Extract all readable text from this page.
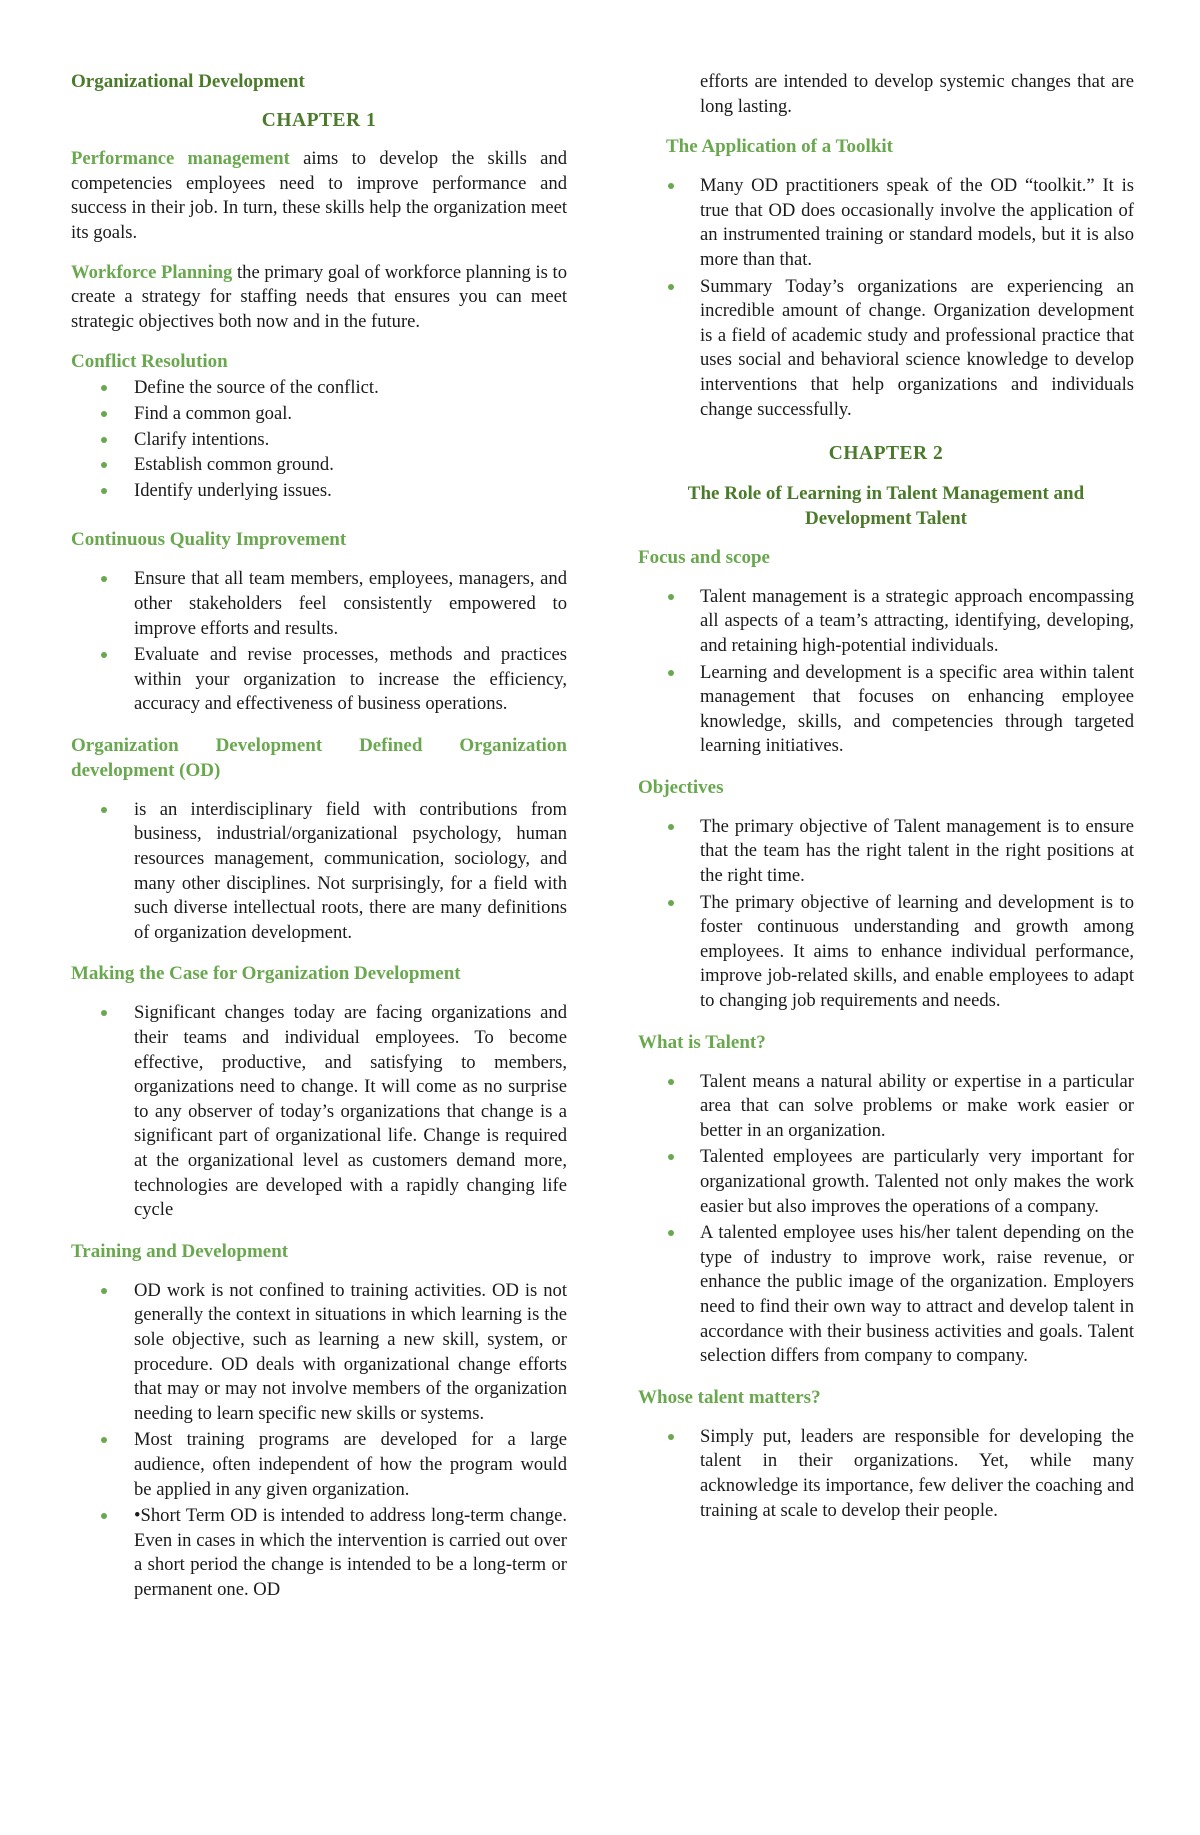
Organizational Development

CHAPTER 1

Performance management aims to develop the skills and competencies employees need to improve performance and success in their job. In turn, these skills help the organization meet its goals.

Workforce Planning the primary goal of workforce planning is to create a strategy for staffing needs that ensures you can meet strategic objectives both now and in the future.

Conflict Resolution
Define the source of the conflict.
Find a common goal.
Clarify intentions.
Establish common ground.
Identify underlying issues.
Continuous Quality Improvement
Ensure that all team members, employees, managers, and other stakeholders feel consistently empowered to improve efforts and results.
Evaluate and revise processes, methods and practices within your organization to increase the efficiency, accuracy and effectiveness of business operations.
Organization Development Defined Organization development (OD)
is an interdisciplinary field with contributions from business, industrial/organizational psychology, human resources management, communication, sociology, and many other disciplines. Not surprisingly, for a field with such diverse intellectual roots, there are many definitions of organization development.
Making the Case for Organization Development
Significant changes today are facing organizations and their teams and individual employees. To become effective, productive, and satisfying to members, organizations need to change. It will come as no surprise to any observer of today’s organizations that change is a significant part of organizational life. Change is required at the organizational level as customers demand more, technologies are developed with a rapidly changing life cycle
Training and Development
OD work is not confined to training activities. OD is not generally the context in situations in which learning is the sole objective, such as learning a new skill, system, or procedure. OD deals with organizational change efforts that may or may not involve members of the organization needing to learn specific new skills or systems.
Most training programs are developed for a large audience, often independent of how the program would be applied in any given organization.
•Short Term OD is intended to address long-term change. Even in cases in which the intervention is carried out over a short period the change is intended to be a long-term or permanent one. OD

efforts are intended to develop systemic changes that are long lasting.

The Application of a Toolkit
Many OD practitioners speak of the OD “toolkit.” It is true that OD does occasionally involve the application of an instrumented training or standard models, but it is also more than that.
Summary Today’s organizations are experiencing an incredible amount of change. Organization development is a field of academic study and professional practice that uses social and behavioral science knowledge to develop interventions that help organizations and individuals change successfully.

CHAPTER 2

The Role of Learning in Talent Management and Development Talent

Focus and scope
Talent management is a strategic approach encompassing all aspects of a team’s attracting, identifying, developing, and retaining high-potential individuals.
Learning and development is a specific area within talent management that focuses on enhancing employee knowledge, skills, and competencies through targeted learning initiatives.
Objectives
The primary objective of Talent management is to ensure that the team has the right talent in the right positions at the right time.
The primary objective of learning and development is to foster continuous understanding and growth among employees. It aims to enhance individual performance, improve job-related skills, and enable employees to adapt to changing job requirements and needs.
What is Talent?
Talent means a natural ability or expertise in a particular area that can solve problems or make work easier or better in an organization.
Talented employees are particularly very important for organizational growth. Talented not only makes the work easier but also improves the operations of a company.
A talented employee uses his/her talent depending on the type of industry to improve work, raise revenue, or enhance the public image of the organization. Employers need to find their own way to attract and develop talent in accordance with their business activities and goals. Talent selection differs from company to company.
Whose talent matters?
Simply put, leaders are responsible for developing the talent in their organizations. Yet, while many acknowledge its importance, few deliver the coaching and training at scale to develop their people.
